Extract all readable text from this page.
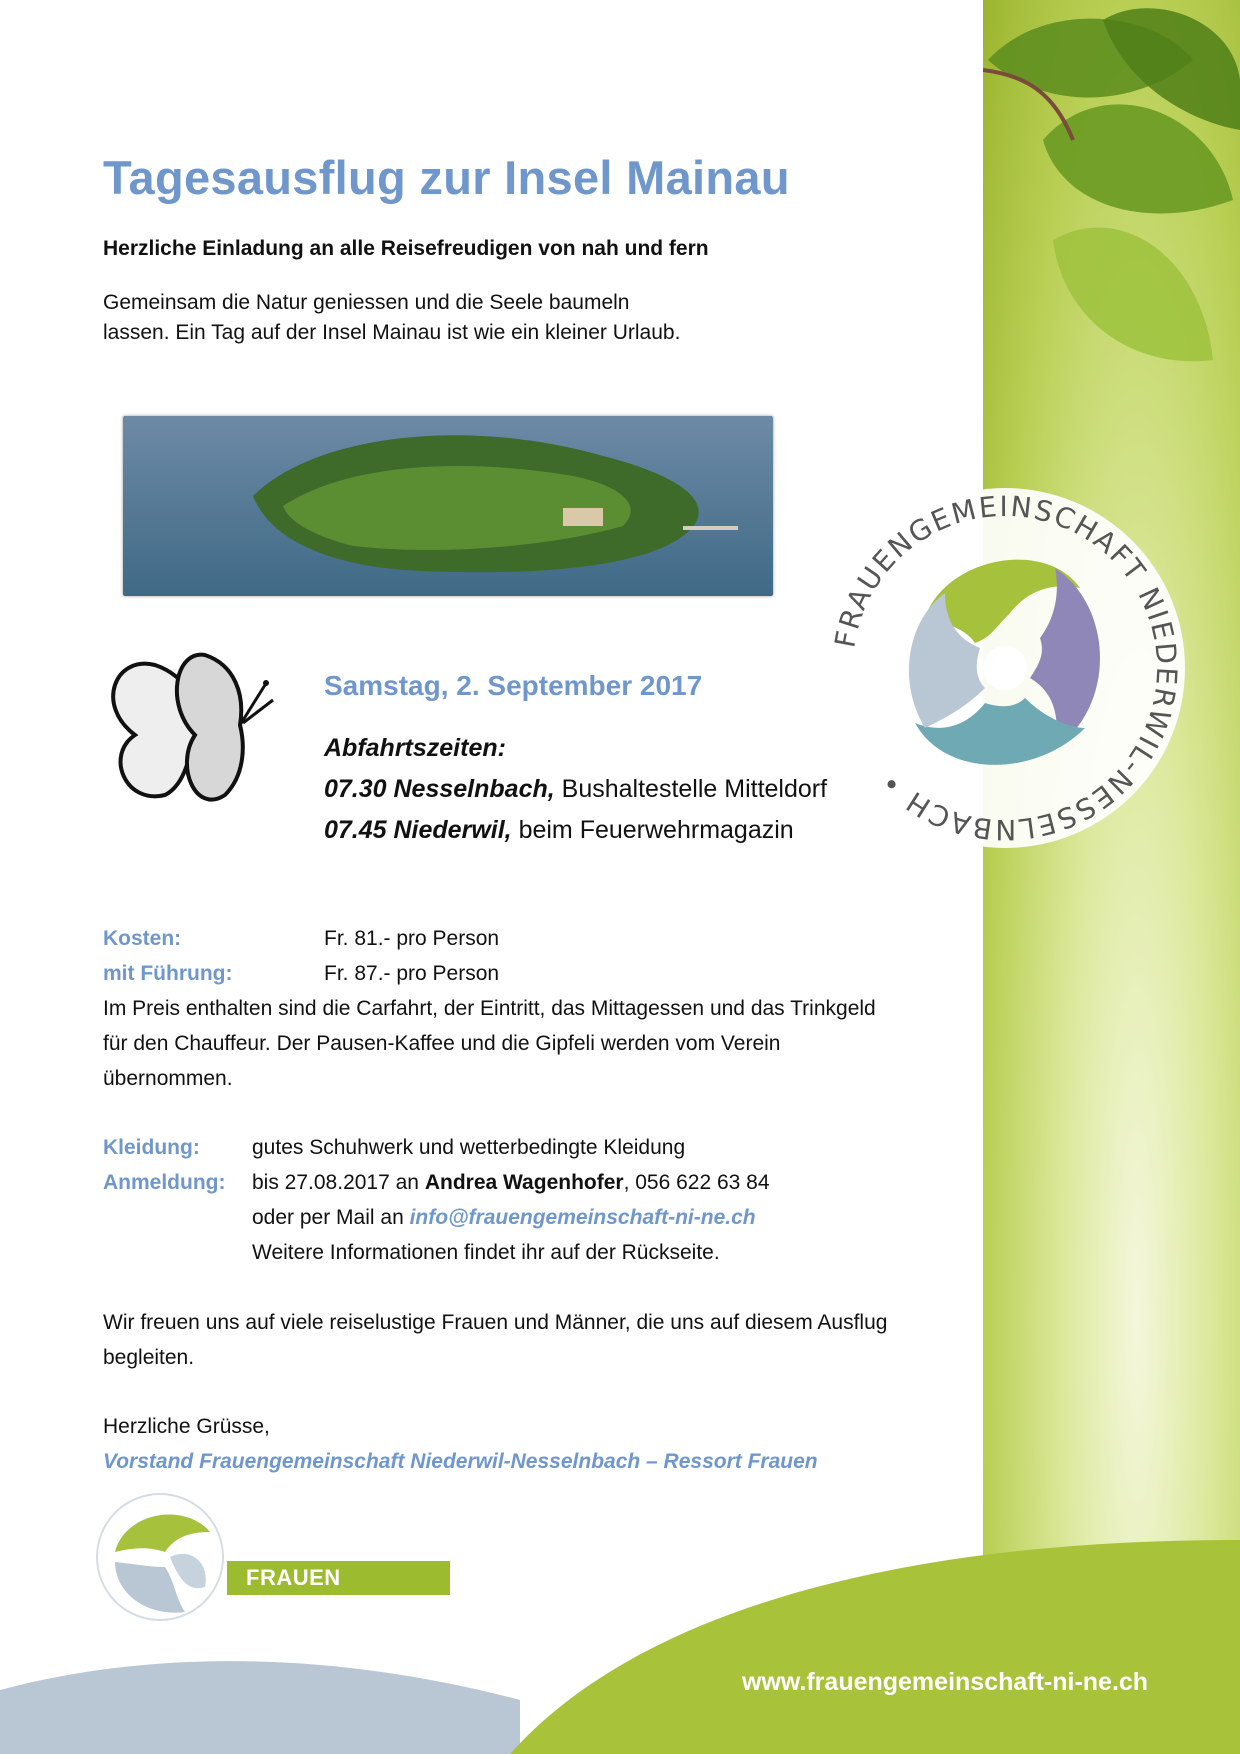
FRAUENGEMEINSCHAFT NIEDERWIL-NESSELNBACH •
Tagesausflug zur Insel Mainau
Herzliche Einladung an alle Reisefreudigen von nah und fern
Gemeinsam die Natur geniessen und die Seele baumeln
lassen. Ein Tag auf der Insel Mainau ist wie ein kleiner Urlaub.
Samstag, 2. September 2017
Abfahrtszeiten:
07.30 Nesselnbach, Bushaltestelle Mitteldorf
07.45 Niederwil, beim Feuerwehrmagazin

Kosten:	Fr. 81.- pro Person

mit Führung:	Fr. 87.- pro Person

Im Preis enthalten sind die Carfahrt, der Eintritt, das Mittagessen und das Trinkgeld für den Chauffeur. Der Pausen-Kaffee und die Gipfeli werden vom Verein übernommen.

Kleidung: gutes Schuhwerk und wetterbedingte Kleidung

Anmeldung: bis 27.08.2017 an Andrea Wagenhofer, 056 622 63 84

oder per Mail an info@frauengemeinschaft-ni-ne.ch

Weitere Informationen findet ihr auf der Rückseite.

Wir freuen uns auf viele reiselustige Frauen und Männer, die uns auf diesem Ausflug begleiten.
Herzliche Grüsse,
Vorstand Frauengemeinschaft Niederwil-Nesselnbach – Ressort Frauen
FRAUEN
www.frauengemeinschaft-ni-ne.ch
